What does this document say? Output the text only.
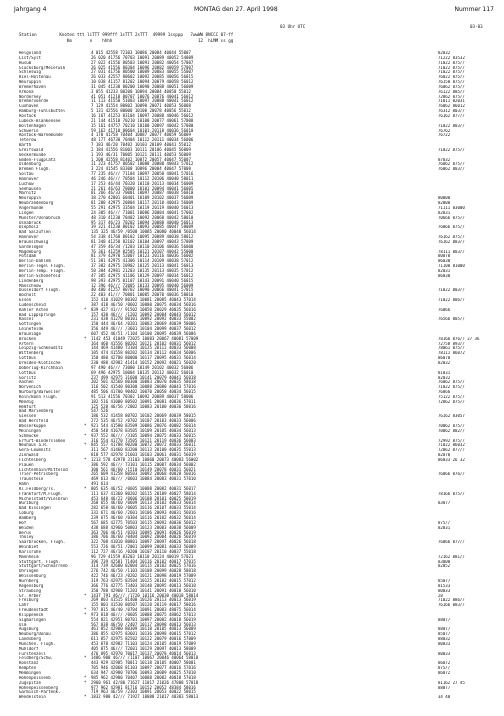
Jahrgang 4	MONTAG den 27. April 1998	Nummer 117

03 Uhr UTC

	03-03

Station         Knoten ttt liTTT 999fff 1sTTT 2sTTT  49999 1ssppp   7wwWW 8NCCC 07-ff

Km       n    hhhh                                  12  hLMM ss gg

Helgoland	4 015 42558 72303 10086 20084 40044 55007	82032
List/Sylt	26 020 41756 70703 10091 20089 40052 54009	71222 83532
Husum	27 022 41556 80503 10091 20082 40054 57007	71022 875//
Glücksburg/Meierwik	26 025 41556 80304 10096 20082 40059 57007	71022 875//
Schleswig	27 031 41756 80500 10089 20083 40055 55007	71022 875//
Kiel-Holtenau	26 033 42557 80602 10092 20085 40056 56015	76022 875//
Neuruppin	10 038 41157 81202 10094 20079 40058 56012	76150 875//
Bremerhaven	31 045 41230 80200 10090 20088 40051 56009	76062 875//
Arkona	3 055 41233 80200 10094 20084 40058 55012	76122 885//
Norderney	41 051 41210 80707 10076 20076 40041 56012	72862 875//
Bremervoerde	11 113 41550 51003 10097 20088 40041 56012	71011 82031
Cuxhaven	7 129 41554 80802 10090 20071 40053 56008	76062 86012
Hamburg-Fuhlsbüttel	5 131 42556 80000 10100 20078 40056 55012	76312 803//
Rostock	16 167 41253 83104 10097 20088 40046 56012	76162 877//
Lübeck-Blankensee	21 144 41510 70210 10100 20077 40061 57008
Boltenhagen	15 161 44757 70210 10100 20097 40042 57000	71022 883//
Schwerin	59 162 41710 80604 10101 20118 40036 56010	76762
Rostock-Warnemünde	4 170 41758 70404 10087 20077 40059 56009	76722
Teterow	48 177 46730 70404 10112 20111 40034 56006
Barth	7 183 46/20 70402 10103 20109 40041 55012
Greifswald	2 184 41556 81003 10111 20106 40045 56009	71022 875//
Ueckermünde	1 193 46/31 70005 10121 20111 40053 56009
Emden-Flugplatz	1 200 42558 81402 10072 20057 40047 55007	87032
Oldenburg	11 223 41757 80502 10088 20080 40043 57012	76062 875//
Bremen Flugh.	3 224 41545 83300 10096 20084 40047 57008	76062 883//
Soltau	77 235 46/// 71104 10097 20050 40041 57016
Hannover	46 246 46/// 70504 10112 20106 40040 58011
Lüchow	17 253 46/44 70320 10110 20113 40034 56009
Seehausen	21 261 46/63 70000 10101 20094 40041 56005
Marnitz	81 266 46/33 70001 10097 20087 40038 56010
Neuruppin	38 270 42801 60401 10109 20102 40037 56009	80000
Neubrandenburg	81 280 42975 20804 10117 20110 40043 56009	82000
Angermünde	55 291 42975 33504 10119 20119 40040 56013	71111 83000
Lingen	24 305 46/// 71001 10086 20084 40041 57002	82031
Münster/Osnabrück	48 310 41230 70402 10092 20068 40042 58010	70666 875//
Osnabrück	95 317 46/23 70202 10094 20088 40040 56013
Diepholz	39 321 41230 80102 10093 20085 40047 58009	76066 875//
Bad Salzuflen	135 325 46/59 /0500 10085 20080 40040 56014
Hannover	54 338 41768 80102 10095 20089 40038 58012	76162 875//
Braunschweig	81 348 41258 82102 10104 20097 40043 57009	76162 883//
Gardelegen	47 359 46/34 /1203 10110 20106 40036 56000
Magdeburg	76 361 41259 82505 10121 20107 40042 55000	78111 883//
Potsdam	81 379 42970 52007 10123 20116 40036 56002	80070
Berlin-Dahlem	51 381 42975 41306 10114 20109 40038 57012	86030
Berlin-Tegel Flugh.	37 382 42975 10902 10125 20113 40041 56013	71100 81000
Berlin-Temp. Flugh.	50 384 42981 21203 10135 20113 40035 57012	82031
Berlin-Schönefeld	47 385 42975 41106 10129 20097 40034 56012	86030
Lindenberg	98 393 42975 01107 10143 20091 40040 56015
Manschnow	12 396 46/// 72005 10133 20095 40040 56009
Düsseldorf Flugh.	40 400 41257 80702 10090 20066 40041 57015	71022 803//
Bocholt	22 403 41/// 70801 10085 20070 40036 58010
Essen	152 410 41029 80302 10081 20085 40043 57014	71022 886//
Lüdenscheid	387 418 46/50 /0602 10080 20075 40034 56016
Kahler Asten	*	839 427 41/// 91502 10050 20029 40035 56016	76066
Bad Lippspringe	157 430 46/// /1202 10092 20084 40043 56012
Kassel	231 438 41270 80101 10092 20092 40033 55002	76566 885//
Göttingen	150 444 46/64 /0201 10083 20069 40039 58006
Leinefelde	356 449 46/// /3601 10104 20099 40037 56012
Brauniage	607 452 46/51 /1104 10100 20095 40039 56006
Brocken	*	1142 453 41049 72025 10083 20067 40081 57009	78166 876// 27 36
Artern	164 460 41556 80202 10121 20102 40031 56012	72758 893//
Leipzig-Schkeuditz	144 469 41480 73104 10125 20112 40033 56008	78061 875//
Wittenberg	105 474 41558 80202 10134 20112 40034 56006	78111 86072
Cottbus	150 480 42780 80000 10117 20095 40031 56014	86070
Dresden-Klotzsche	230 488 42982 41414 10152 20092 40021 56020	82032
Doberlug-Kirchhain	97 490 46/// 73000 10149 20102 40032 56006
Cottbus	69 496 42975 10004 10135 20112 40032 56010	81031
Görlitz	237 499 42975 31608 10141 20079 40041 56018	82032
Aachen	202 501 42560 80300 10083 20070 40035 58018	76062 875//
Nörvenich	116 502 41540 80300 10088 20080 40043 57016	71022 875//
Nürburg/Barweiler	485 506 41700 90402 10070 20058 40034 56015	76866
Köln/Bonn Flugh.	91 513 41556 70302 10092 20089 40037 58006	75122 875//
Mendig	182 516 41000 80502 10091 20081 40036 57011	72862 875//
Hemfurt	125 520 46/56 /2002 10083 20100 40036 58016
Bad Marienberg	547 526
Giessen	186 532 41458 80702 10102 20069 40039 58015	76162 83057
Bad Hersfeld	272 535 46/52 /0702 10107 20103 40033 56006
Wasserkuppe	*	921 544 41580 83509 10086 20076 40082 56014	70062 875//
Meiningen	450 548 41678 83505 10109 20105 40034 56013	70062 882//
Schmücke	*	937 552 46/// /3105 10094 20075 40033 56015
Erfurt-Bindersleben	316 554 41770 73505 10121 20119 40036 56003	72992 875//
Neuhaus a.R.	*	845 557 41788 90200 10072 20072 40033 56011	71022 86032
Gera-Leumnitz	311 567 41460 83200 10113 20100 40035 55013	72862 877//
Zinnwald	818 577 42978 21603 10103 20061 40031 56019	82070
Fichtelberg	*	1213 578 42970 31103 10060 20073 40083 56002	86033 26 32
Plauen	386 592 46/// 73101 10115 20087 40034 56002
Lichtenhain/Mittelnd	300 561 46/60 /1510 10149 20078 40031 56021
Trier-Petrisberg	265 609 41258 80503 10092 20068 40028 56016	76066 876//
Traunstein	469 613 46/// /0603 10084 20083 40031 57010
Hahn	491 614
Kl.Feldberg/Ts.	*	805 635 46/52 /0605 10088 20082 40031 56017
Frankfurt/M.Flugh.	111 637 41360 80202 10115 20109 40027 58014	78166 875//
Michelstadt/Vielbrun	453 648 46/22 /0606 10108 20101 40025 58019
Würzburg	268 655 46/60 /0609 10113 20102 40033 56014	83077
Bad Kissingen	282 658 46/60 /0605 10116 20107 40033 55014
Coburg	332 671 46/60 /2601 10106 20093 40031 56016
Bamberg	239 675 46/60 /0304 10116 20102 40032 56014
Hof	567 685 42775 70503 10115 20092 40036 56012	875//
Weiden	438 688 42960 50803 10123 20083 40038 56009	82031
Berus	363 706 46/51 /0203 10095 20091 40026 56019
Tholey	386 706 46/60 /0404 10092 20084 40026 56019
Saarbrücken, Flugh.	322 708 41010 80801 10097 20097 40026 56018	76066 877//
Weinbiet	553 726 46/51 /2001 10099 20081 40033 56009
Karlsruhe	112 727 46/16 /0200 10107 20110 40037 55018
Mannheim	96 729 41559 83203 10110 20124 40019 57021	72162 881//
Stuttgart, Flugh.	396 739 42581 71404 10116 20102 40017 57015	83000
Stuttgart/Schnarrenb	314 739 42680 82004 10115 20102 40025 57016	82052
Öhringen	276 742 46/50 /1103 10108 20099 40028 58018
Weissenburg	422 746 46/23 /0202 10121 20098 40019 57009
Nürnberg	319 763 42975 83504 10125 20102 40015 57012	85077
Regensburg	366 776 42775 73403 10140 20095 40013 56010	81533
Straubing	350 788 42960 71203 10141 20091 40018 56010	80033
Gr. Arber	*	1437 791 46/// /1720 10116 20030 40018 58014	28
Freiburg	269 803 41515 81400 10126 20113 40013 56019	71022 886//
Lahr	155 803 41530 80507 10120 20119 40017 58016	76166 883//
Freudenstadt	*	797 815 46/40 /0704 10091 20083 48075 56014
Klippeneck	*	973 818 46/// /0605 10088 20075 48062 57013
Sigmaringen	554 821 42951 80701 10097 20082 40018 56019	88077
Ulm	567 838 46/50 /2407 10117 20098 40013 56013
Augsburg	461 852 42980 80309 10118 20105 40013 56009	88077
Neuburg/Donau	386 855 42975 83601 10136 20098 40015 57012	85077
Landsberg	611 857 42975 82502 10122 20079 40016 57009	88032
München, Flugh.	453 870 42982 71103 10124 20105 40019 57009	80033
Mühldorf	405 875 46/// 72601 10129 20097 40013 58009
Fürstenzell	476 895 42970 70017 10137 20078 40014 56013	80033
Feldberg/Schw.	*	1486 908 46/// /1107 10067 20046 40064 58018
Konstanz	443 929 42985 70011 10118 20105 40007 58001	86072
Kempten	705 946 42068 81103 10097 20077 40016 57016	875//
Memmingen	634 947 42980 70706 10093 20089 40025 57010	86072
Hohenpeissenb	*	985 962 42980 70407 10088 20082 40018 57018
Zugspitze	*	2960 961 42/80 71627 11017 21026 47808 57018	81162 27 45
Hohenpeissenberg	977 962 42981 81716 10152 20052 48384 58016	88077
Garmisch-Partenk.	719 963 46/59 /2303 10091 20053 40022 58015
Wendelstein	*	1832 980 42/// 71927 10088 21017 48383 58013	34 40
